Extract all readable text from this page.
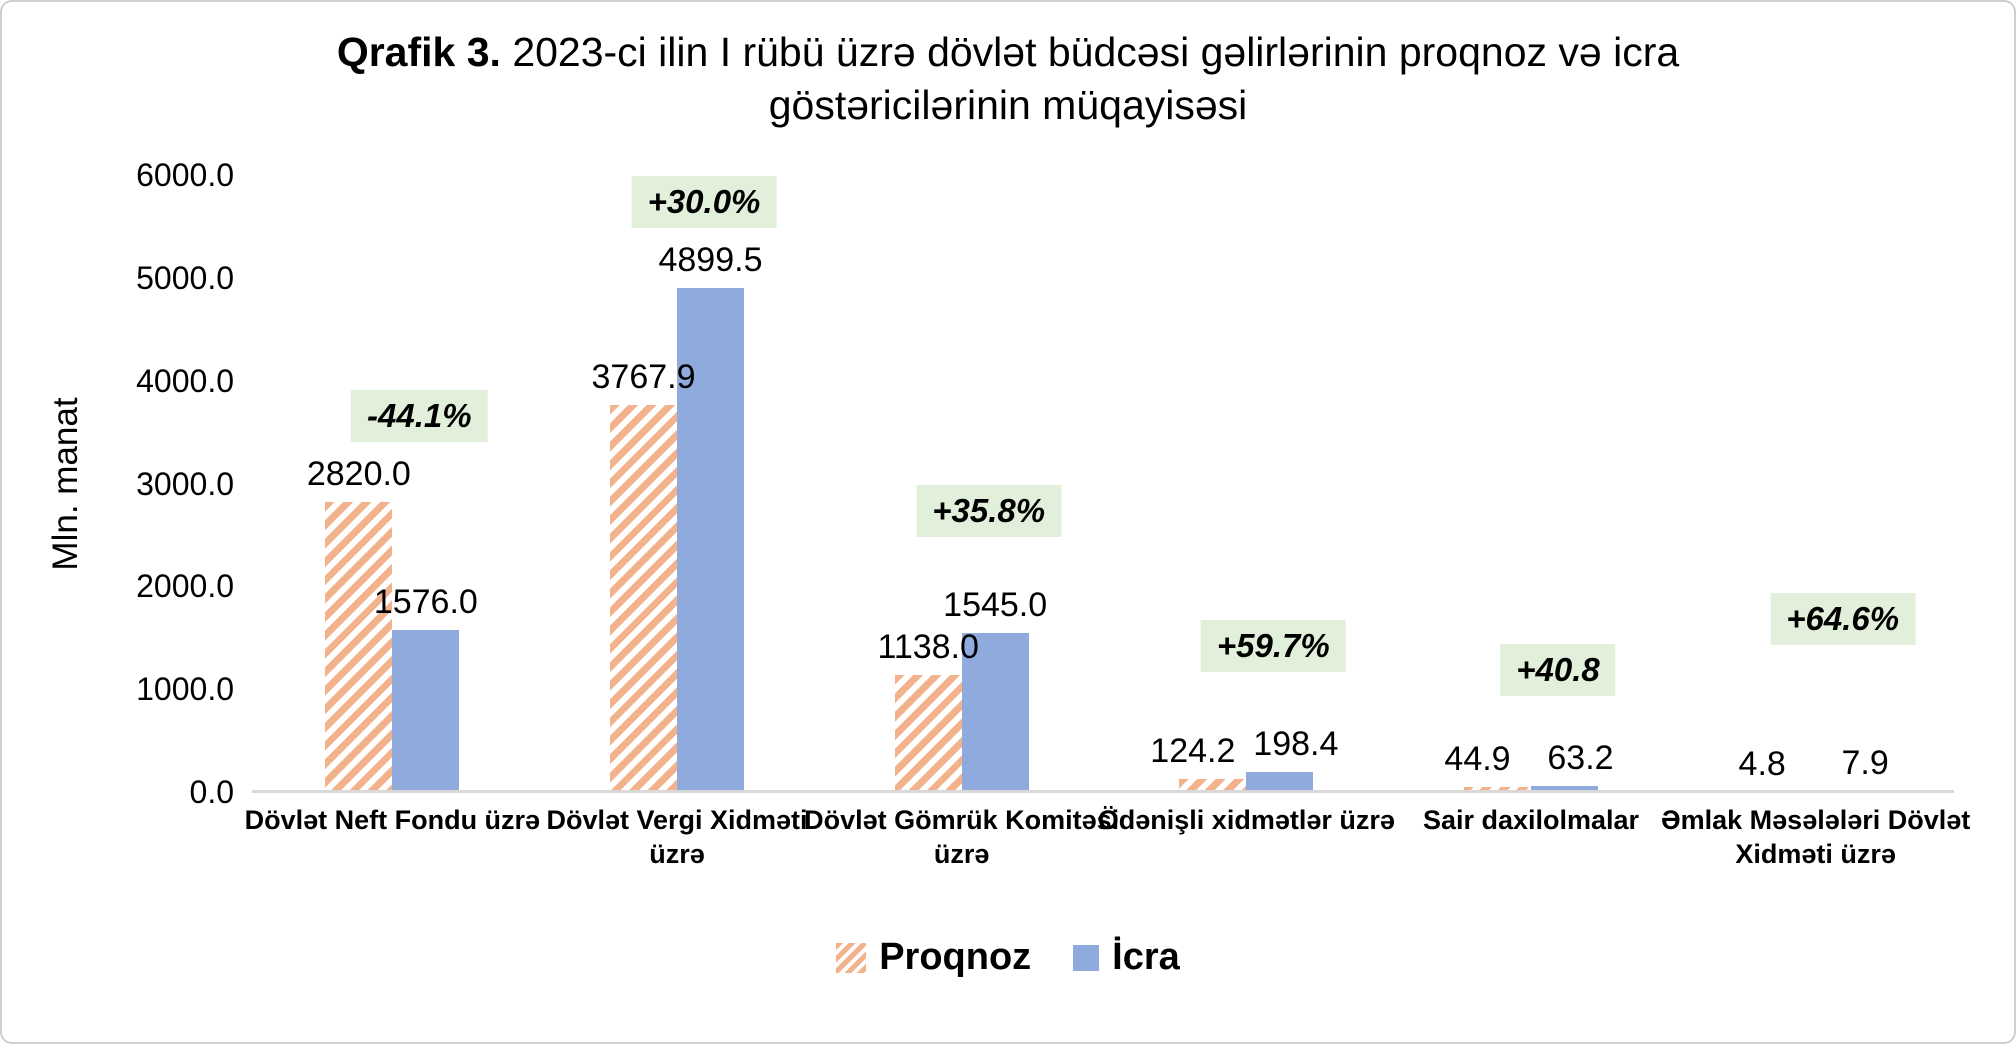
Qrafik 3. 2023-ci ilin I rübü üzrə dövlət büdcəsi gəlirlərinin proqnoz və icra göstəricilərinin müqayisəsi
Mln. manat
0.0
1000.0
2000.0
3000.0
4000.0
5000.0
6000.0
2820.0
1576.0
-44.1%
3767.9
4899.5
+30.0%
1138.0
1545.0
+35.8%
124.2 198.4
+59.7%
44.9	63.2
+40.8
4.8	7.9
+64.6%
Dövlət Neft Fondu üzrə Dövlət Vergi Xidməti üzrə
Dövlət Gömrük Komitəsi üzrə
Ödənişli xidmətlər üzrə	Sair daxilolmalar Əmlak Məsələləri Dövlət Xidməti üzrə
Proqnoz İcra
